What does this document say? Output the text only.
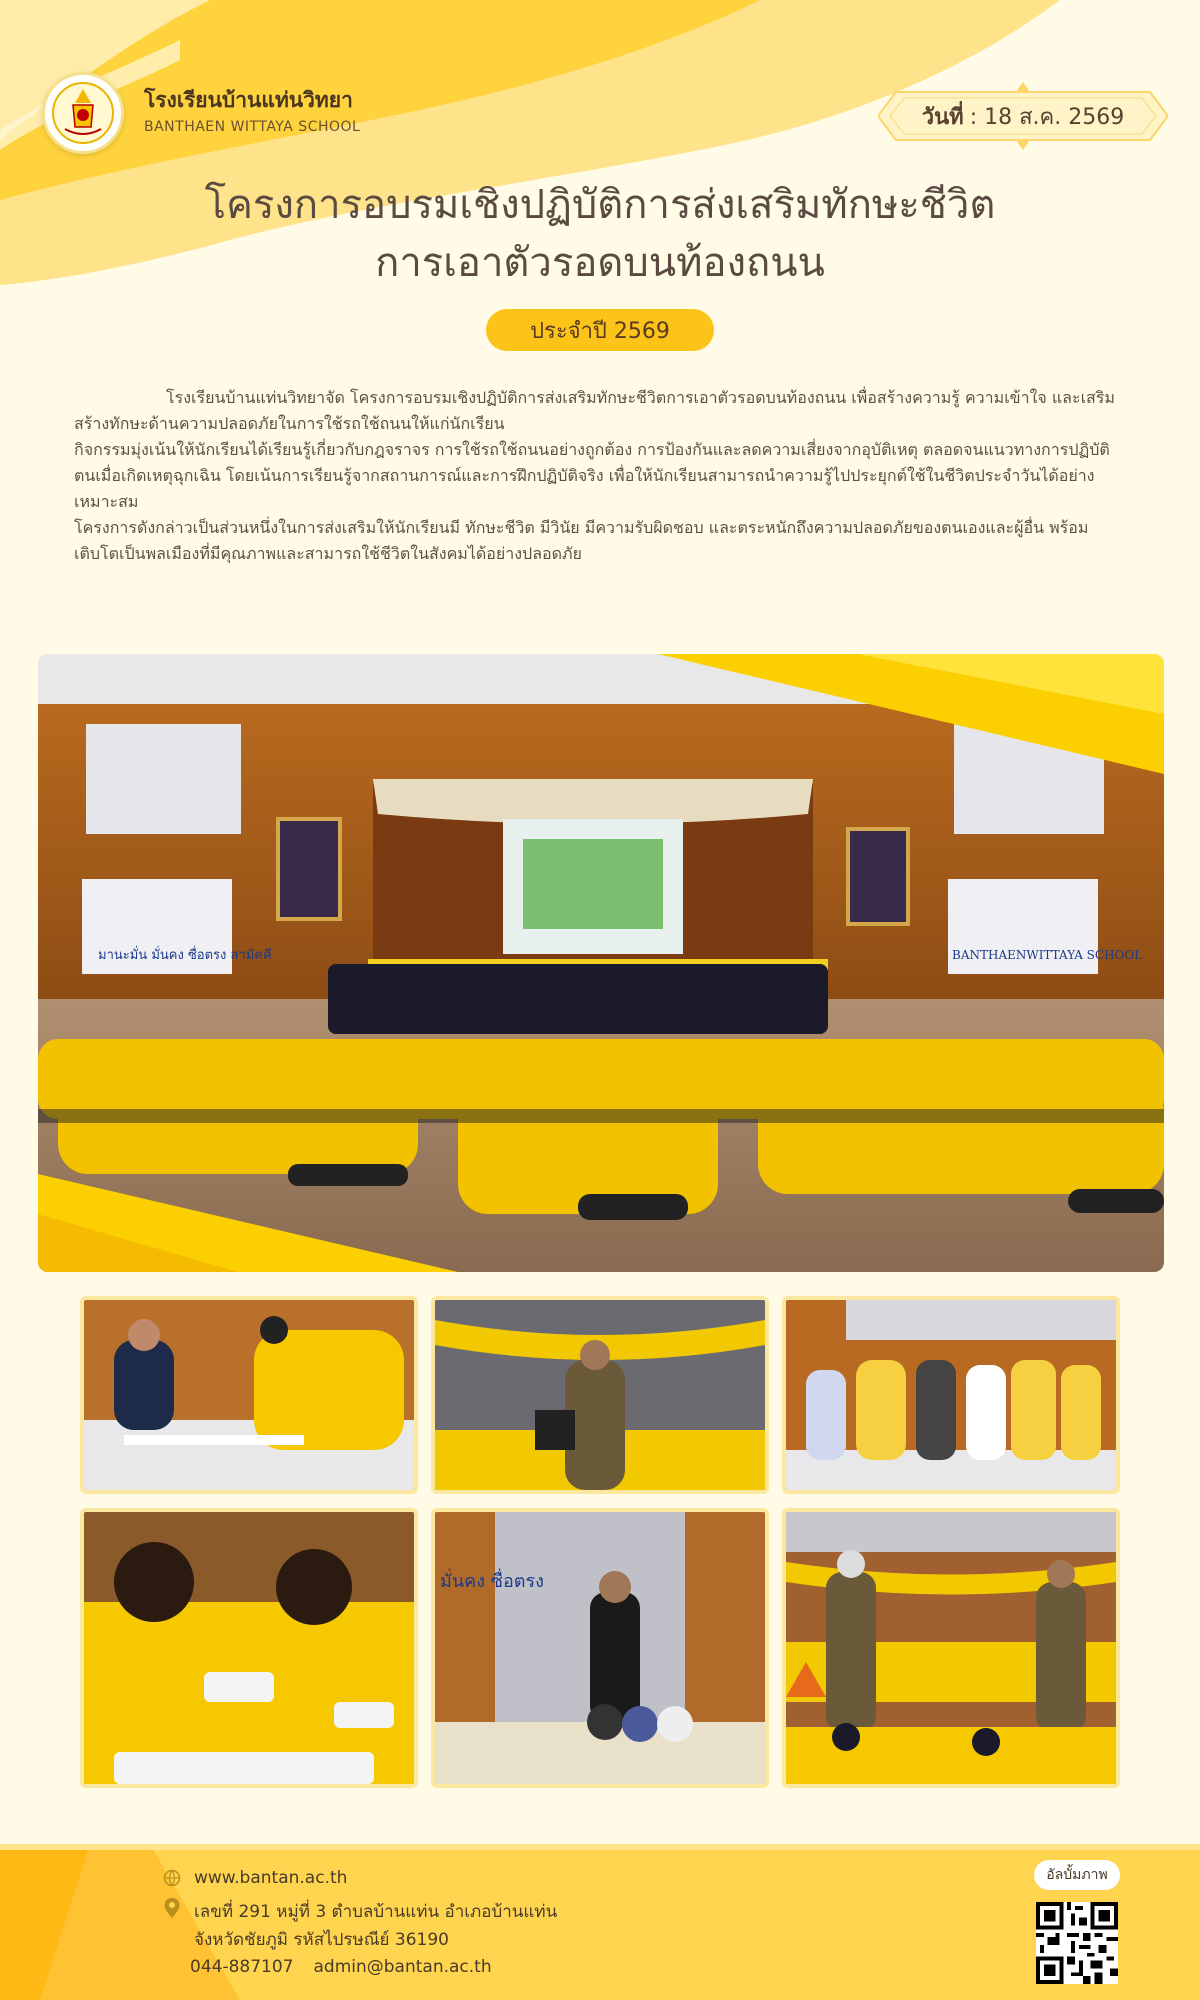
โรงเรียนบ้านแท่นวิทยา
BANTHAEN WITTAYA SCHOOL	วันที่ : 18 ส.ค. 2569
โครงการอบรมเชิงปฏิบัติการส่งเสริมทักษะชีวิต
การเอาตัวรอดบนท้องถนน
ประจำปี 2569

โรงเรียนบ้านแท่นวิทยาจัด โครงการอบรมเชิงปฏิบัติการส่งเสริมทักษะชีวิตการเอาตัวรอดบนท้องถนน เพื่อสร้างความรู้ ความเข้าใจ และเสริมสร้างทักษะด้านความปลอดภัยในการใช้รถใช้ถนนให้แก่นักเรียน

กิจกรรมมุ่งเน้นให้นักเรียนได้เรียนรู้เกี่ยวกับกฎจราจร การใช้รถใช้ถนนอย่างถูกต้อง การป้องกันและลดความเสี่ยงจากอุบัติเหตุ ตลอดจนแนวทางการปฏิบัติตนเมื่อเกิดเหตุฉุกเฉิน โดยเน้นการเรียนรู้จากสถานการณ์และการฝึกปฏิบัติจริง เพื่อให้นักเรียนสามารถนำความรู้ไปประยุกต์ใช้ในชีวิตประจำวันได้อย่างเหมาะสม

โครงการดังกล่าวเป็นส่วนหนึ่งในการส่งเสริมให้นักเรียนมี ทักษะชีวิต มีวินัย มีความรับผิดชอบ และตระหนักถึงความปลอดภัยของตนเองและผู้อื่น พร้อมเติบโตเป็นพลเมืองที่มีคุณภาพและสามารถใช้ชีวิตในสังคมได้อย่างปลอดภัย

มานะมั่น มั่นคง ซื่อตรง สามัคคี	BANTHAENWITTAYA SCHOOL
มั่นคง ซื่อตรง
www.bantan.ac.th
เลขที่ 291 หมู่ที่ 3 ตำบลบ้านแท่น อำเภอบ้านแท่น
จังหวัดชัยภูมิ รหัสไปรษณีย์ 36190
044-887107 admin@bantan.ac.th
อัลบั้มภาพ
